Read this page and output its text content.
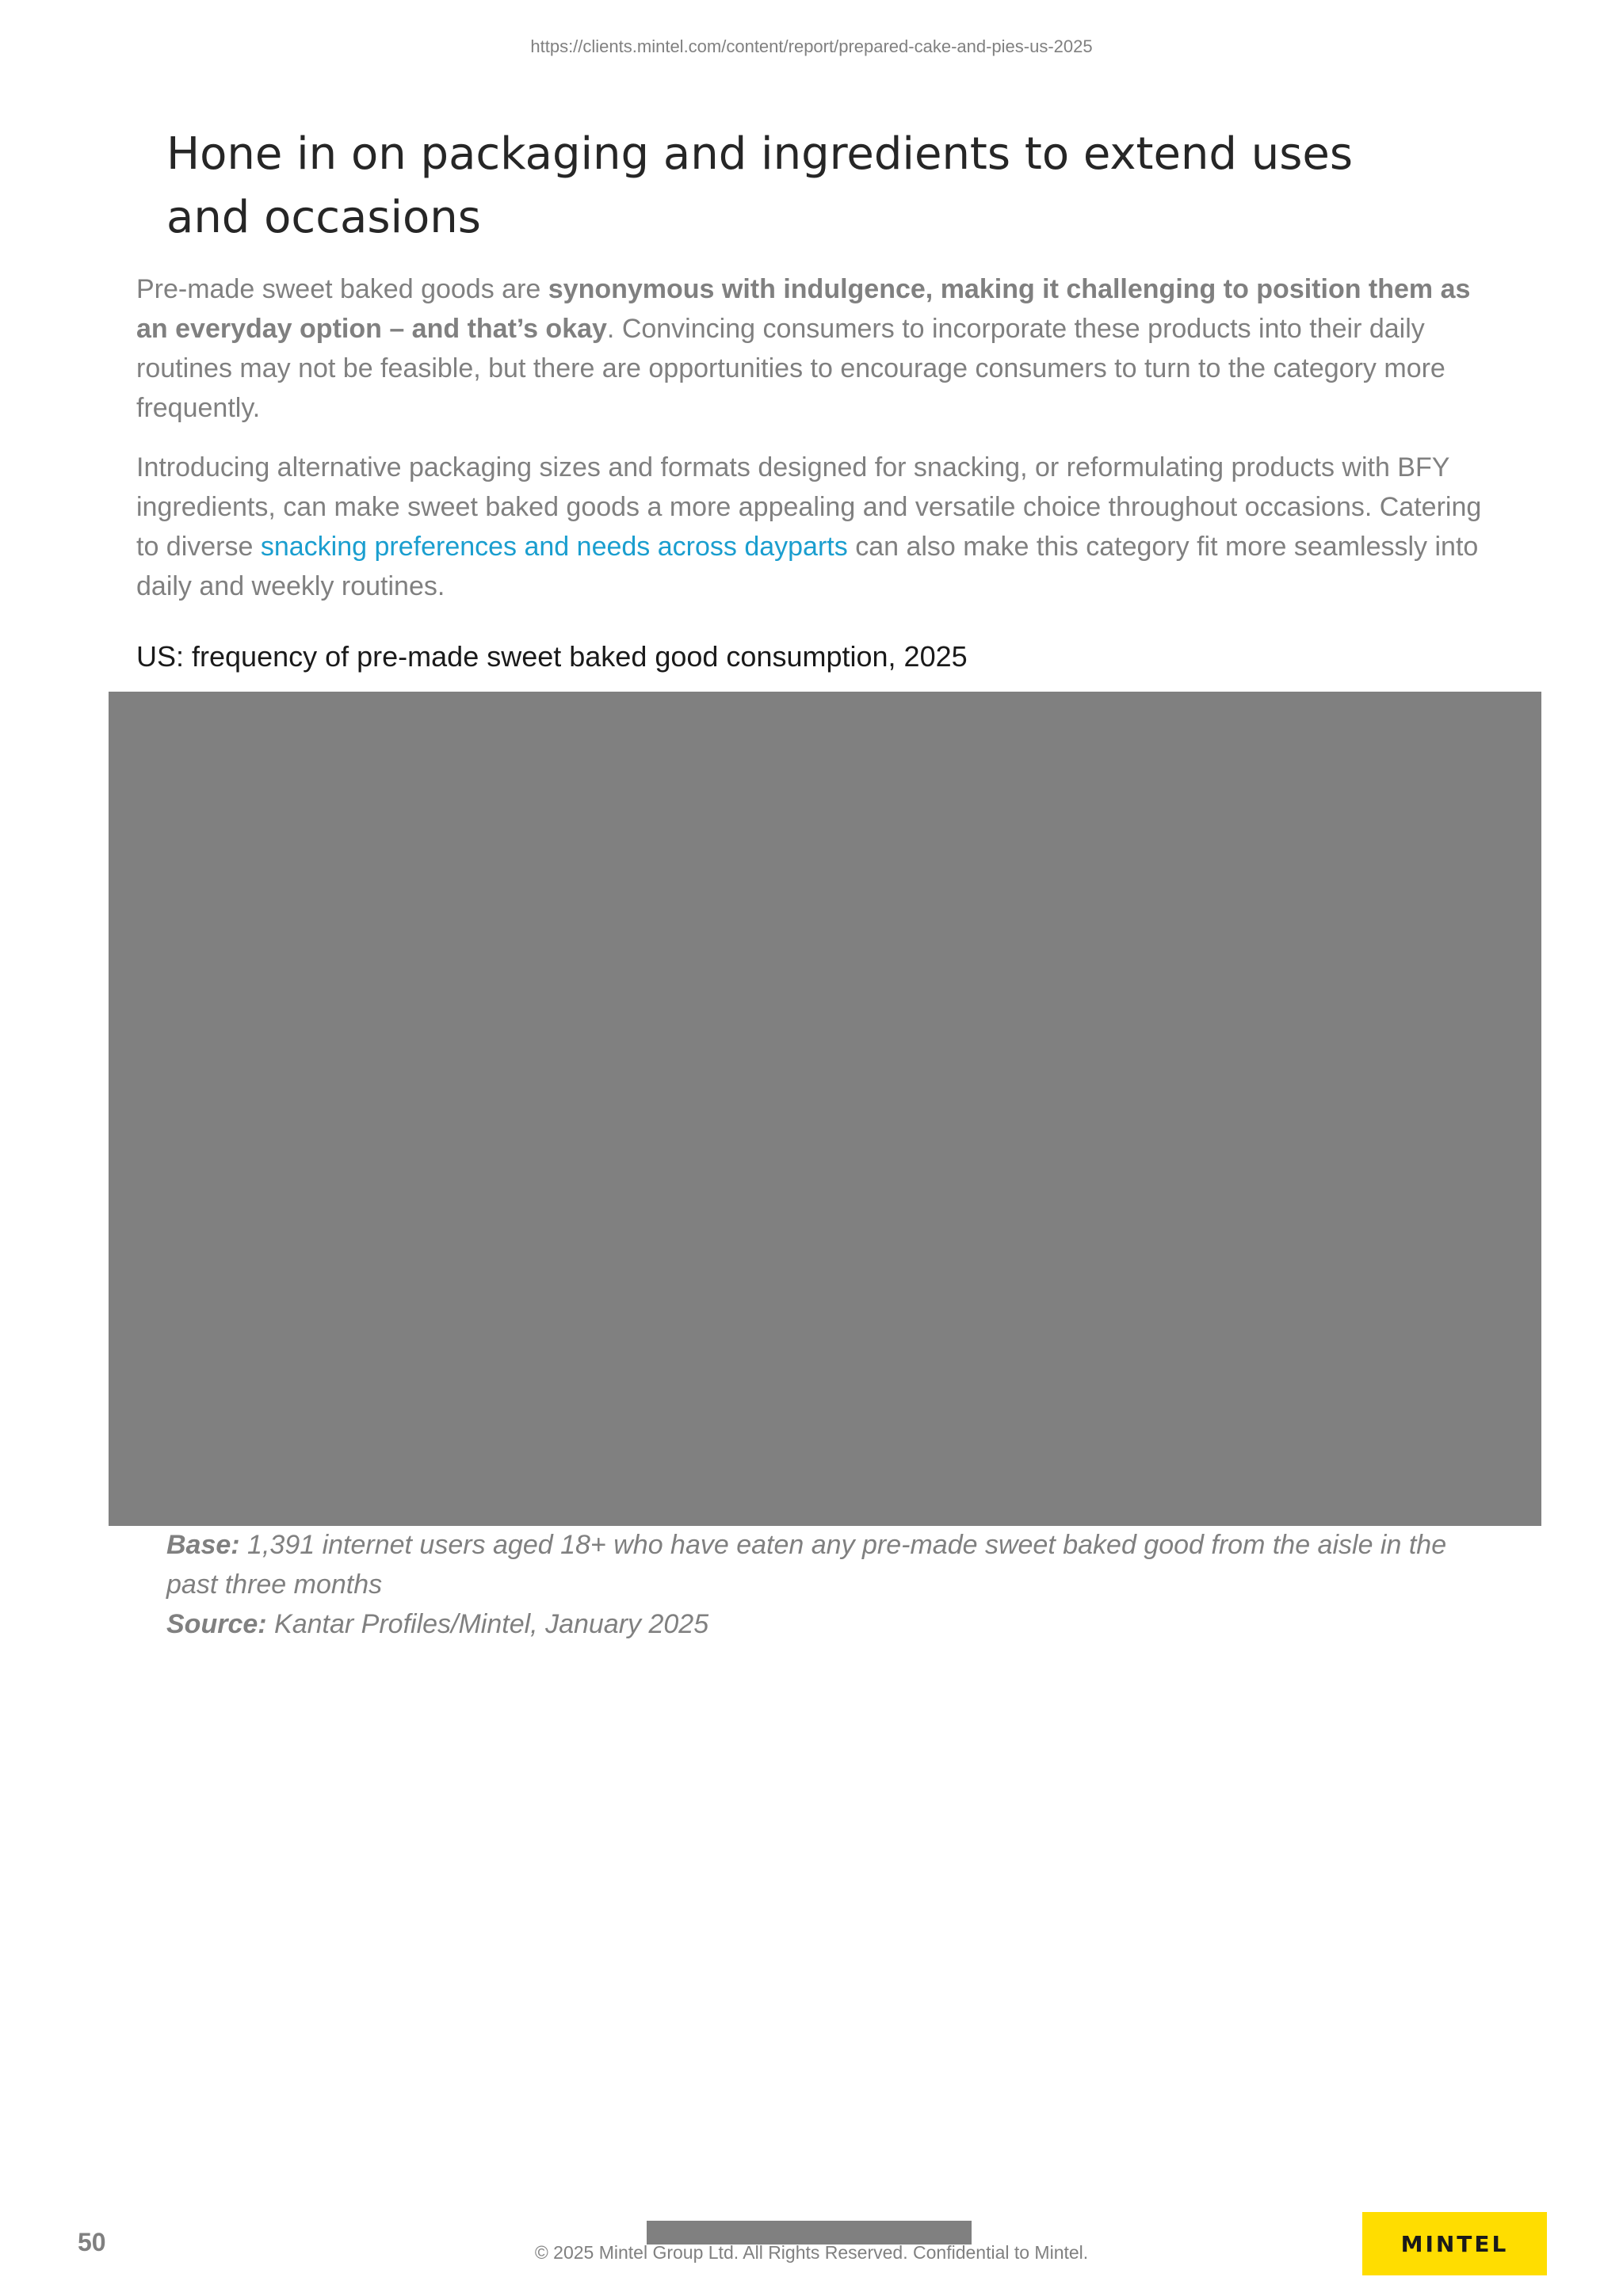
https://clients.mintel.com/content/report/prepared-cake-and-pies-us-2025
Hone in on packaging and ingredients to extend uses and occasions

Pre-made sweet baked goods are synonymous with indulgence, making it challenging to position them as an everyday option – and that’s okay. Convincing consumers to incorporate these products into their daily routines may not be feasible, but there are opportunities to encourage consumers to turn to the category more frequently.

Introducing alternative packaging sizes and formats designed for snacking, or reformulating products with BFY ingredients, can make sweet baked goods a more appealing and versatile choice throughout occasions. Catering to diverse snacking preferences and needs across dayparts can also make this category fit more seamlessly into daily and weekly routines.

US: frequency of pre-made sweet baked good consumption, 2025
Base: 1,391 internet users aged 18+ who have eaten any pre-made sweet baked good from the aisle in the past three months
Source: Kantar Profiles/Mintel, January 2025
50	© 2025 Mintel Group Ltd. All Rights Reserved. Confidential to Mintel.	MINTEL
